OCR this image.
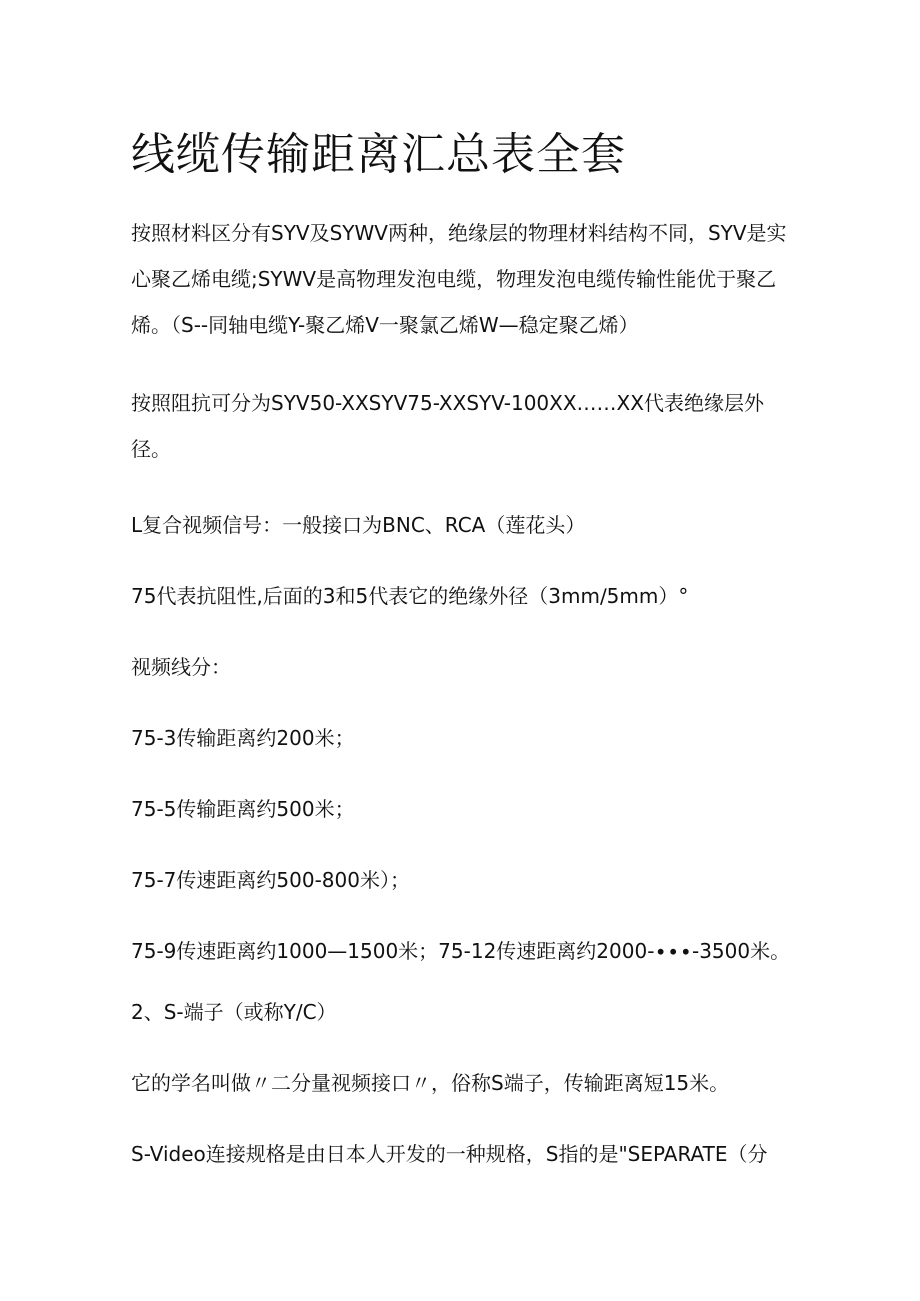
线缆传输距离汇总表全套
按照材料区分有SYV及SYWV两种，绝缘层的物理材料结构不同，SYV是实心聚乙烯电缆;SYWV是高物理发泡电缆，物理发泡电缆传输性能优于聚乙烯。（S--同轴电缆Y-聚乙烯V一聚氯乙烯W—稳定聚乙烯）
按照阻抗可分为SYV50-XXSYV75-XXSYV-100XX……XX代表绝缘层外径。
L复合视频信号：一般接口为BNC、RCA（莲花头）
75代表抗阻性,后面的3和5代表它的绝缘外径（3mm∕5mm）°
视频线分：
75-3传输距离约200米；
75-5传输距离约500米；
75-7传速距离约500-800米）；
75-9传速距离约1000—1500米；75-12传速距离约2000-∙∙∙-3500米。
2、S-端子（或称Y/C）
它的学名叫做〃二分量视频接口〃，俗称S端子，传输距离短15米。
S-Video连接规格是由日本人开发的一种规格，S指的是"SEPARATE（分
